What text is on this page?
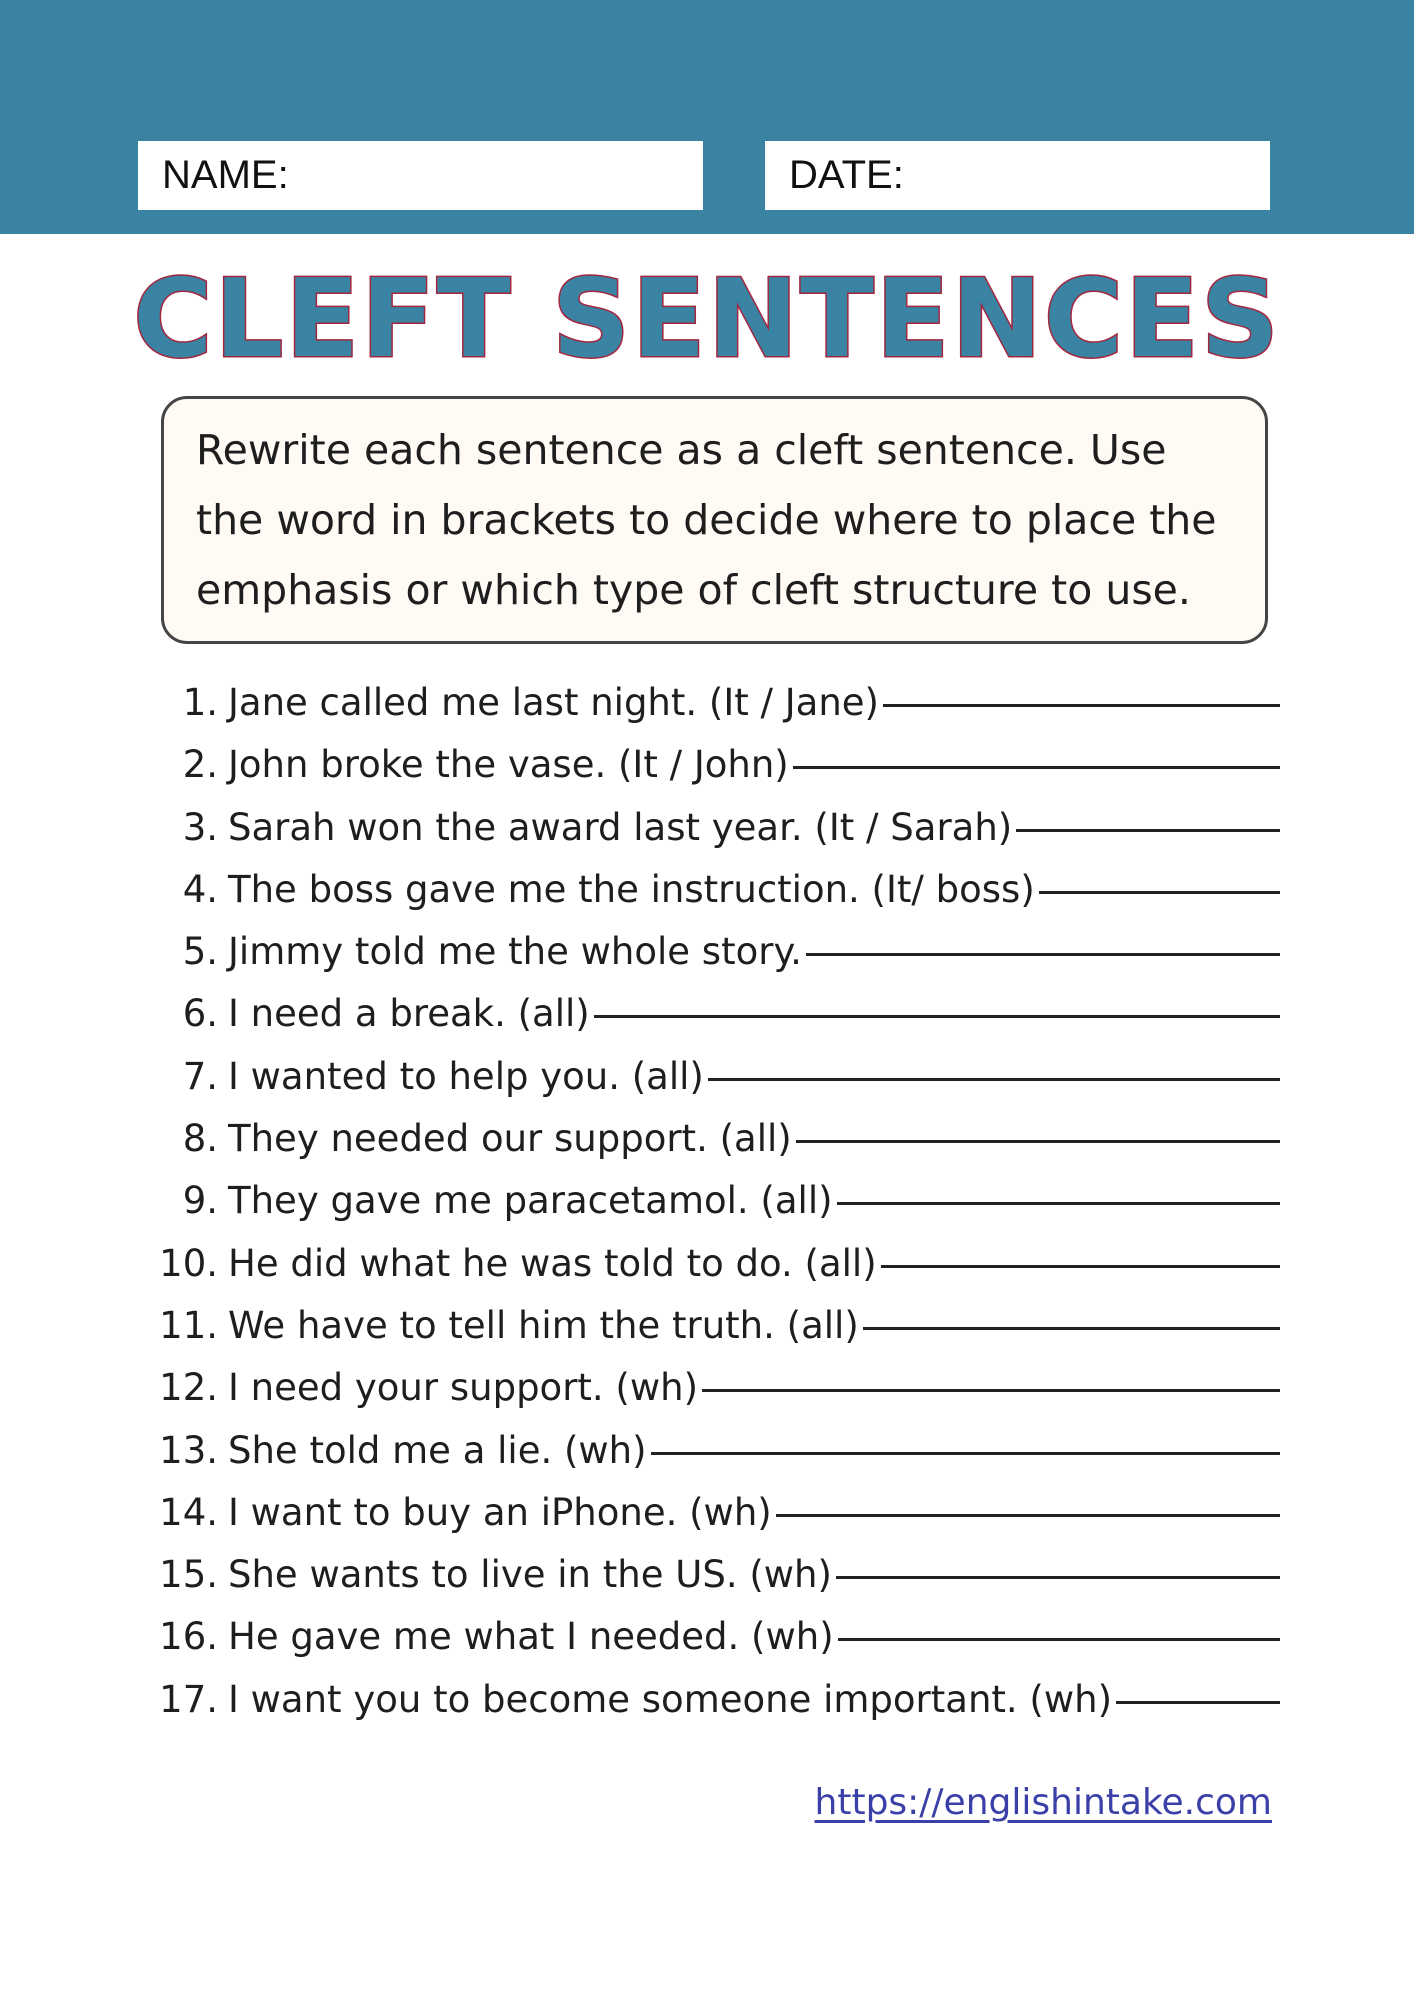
NAME:	DATE:
CLEFT SENTENCES
Rewrite each sentence as a cleft sentence. Use the word in brackets to decide where to place the emphasis or which type of cleft structure to use.
1. Jane called me last night. (It / Jane)
2. John broke the vase. (It / John)
3. Sarah won the award last year. (It / Sarah)
4. The boss gave me the instruction. (It/ boss)
5. Jimmy told me the whole story.
6. I need a break. (all)
7. I wanted to help you. (all)
8. They needed our support. (all)
9. They gave me paracetamol. (all)
10. He did what he was told to do. (all)
11. We have to tell him the truth. (all)
12. I need your support. (wh)
13. She told me a lie. (wh)
14. I want to buy an iPhone. (wh)
15. She wants to live in the US. (wh)
16. He gave me what I needed. (wh)
17. I want you to become someone important. (wh)
https://englishintake.com
